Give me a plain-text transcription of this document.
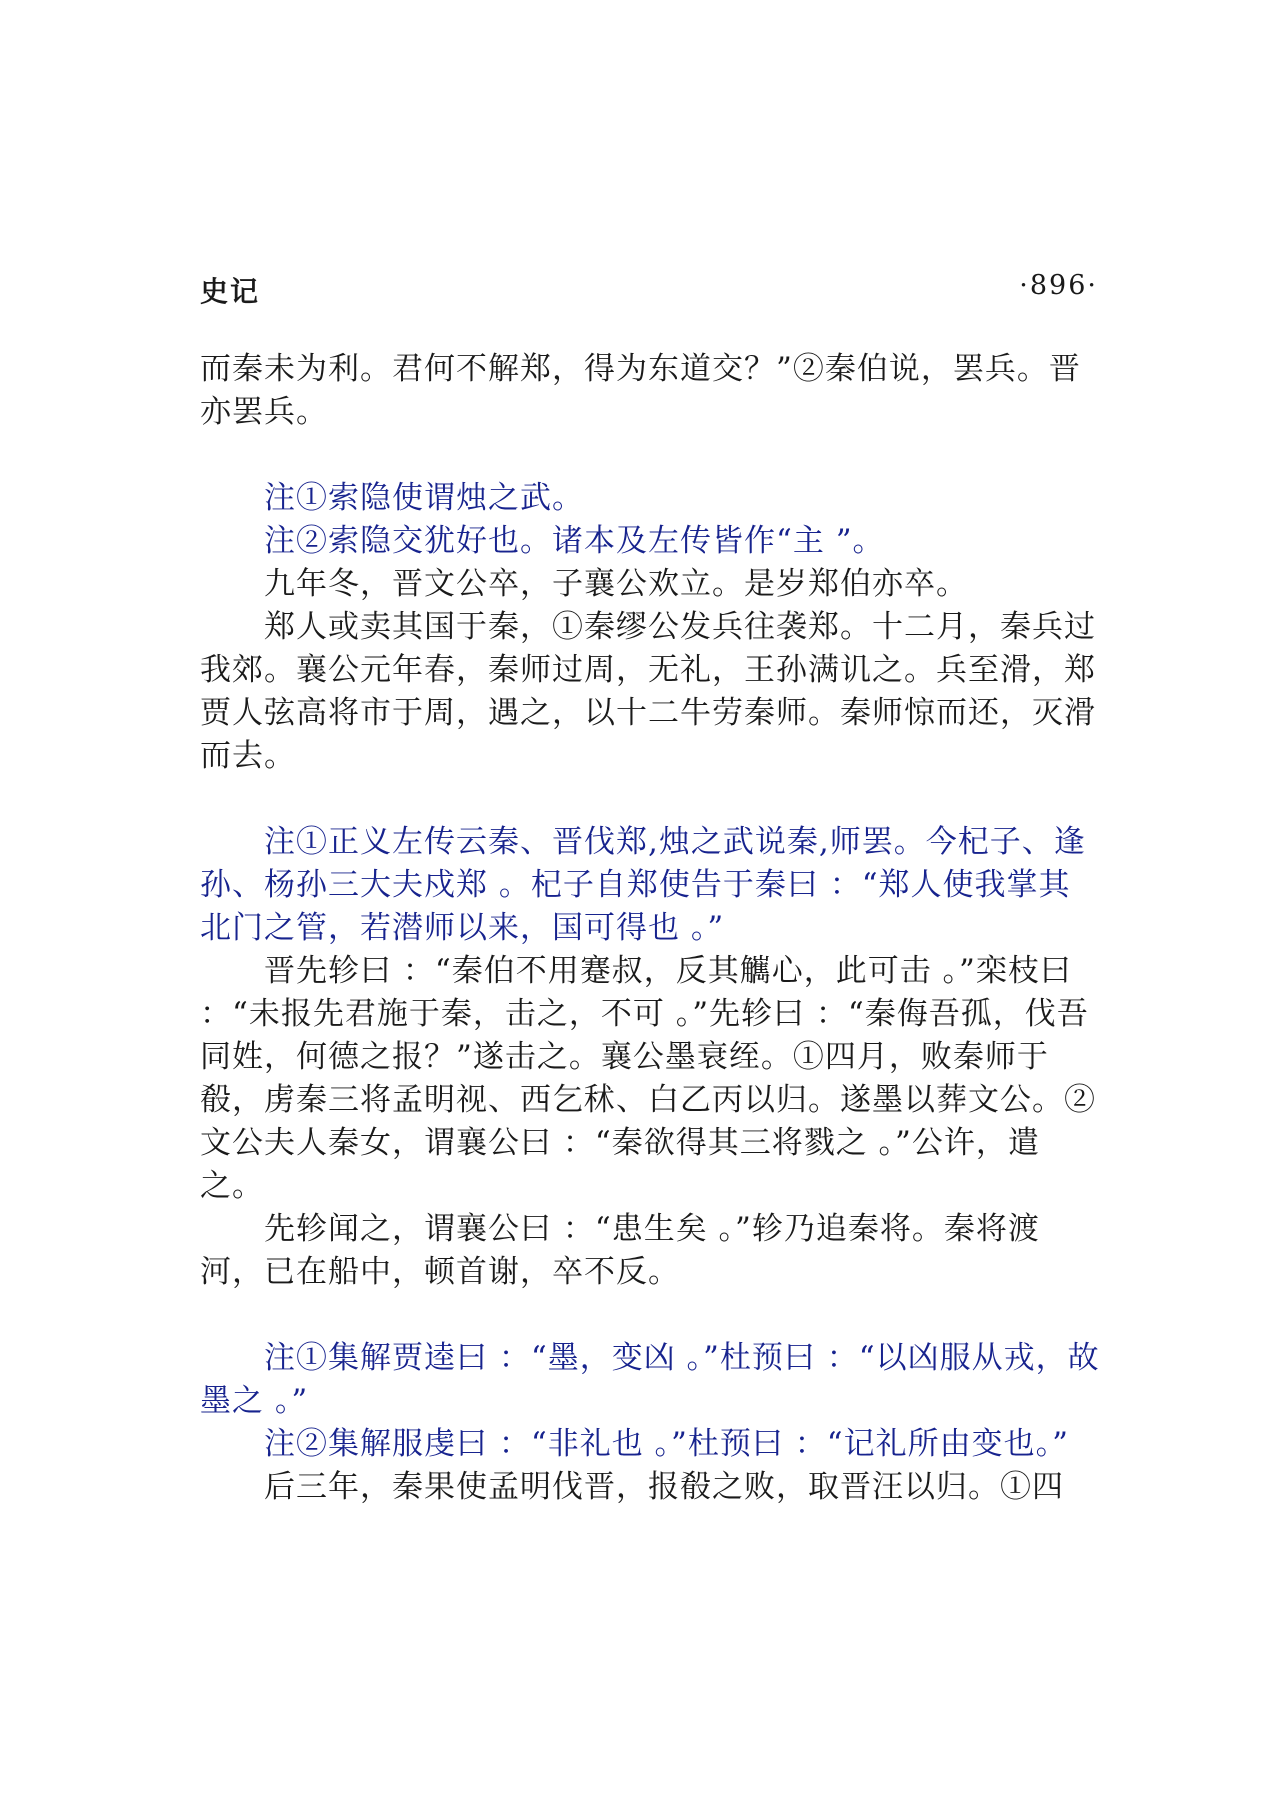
史记	·896·

而秦未为利。君何不解郑，得为东道交？”②秦伯说，罢兵。晋亦罢兵。

注①索隐使谓烛之武。

注②索隐交犹好也。诸本及左传皆作“主 ”。

九年冬，晋文公卒，子襄公欢立。是岁郑伯亦卒。

郑人或卖其国于秦，①秦缪公发兵往袭郑。十二月，秦兵过我郊。襄公元年春，秦师过周，无礼，王孙满讥之。兵至滑，郑贾人弦高将市于周，遇之，以十二牛劳秦师。秦师惊而还，灭滑而去。

注①正义左传云秦、晋伐郑,烛之武说秦,师罢。今杞子、逢孙、杨孙三大夫戍郑 。杞子自郑使告于秦曰 ：“郑人使我掌其北门之管，若潜师以来，国可得也 。”

晋先轸曰 ：“秦伯不用蹇叔，反其觽心，此可击 。”栾枝曰 ：“未报先君施于秦，击之，不可 。”先轸曰 ：“秦侮吾孤，伐吾同姓，何德之报？”遂击之。襄公墨衰绖。①四月，败秦师于殽，虏秦三将孟明视、西乞秫、白乙丙以归。遂墨以葬文公。②文公夫人秦女，谓襄公曰 ：“秦欲得其三将戮之 。”公许，遣之。

先轸闻之，谓襄公曰 ：“患生矣 。”轸乃追秦将。秦将渡河，已在船中，顿首谢，卒不反。

注①集解贾逵曰 ：“墨，变凶 。”杜预曰 ：“以凶服从戎，故墨之 。”

注②集解服虔曰 ：“非礼也 。”杜预曰 ：“记礼所由变也。”

后三年，秦果使孟明伐晋，报殽之败，取晋汪以归。①四
